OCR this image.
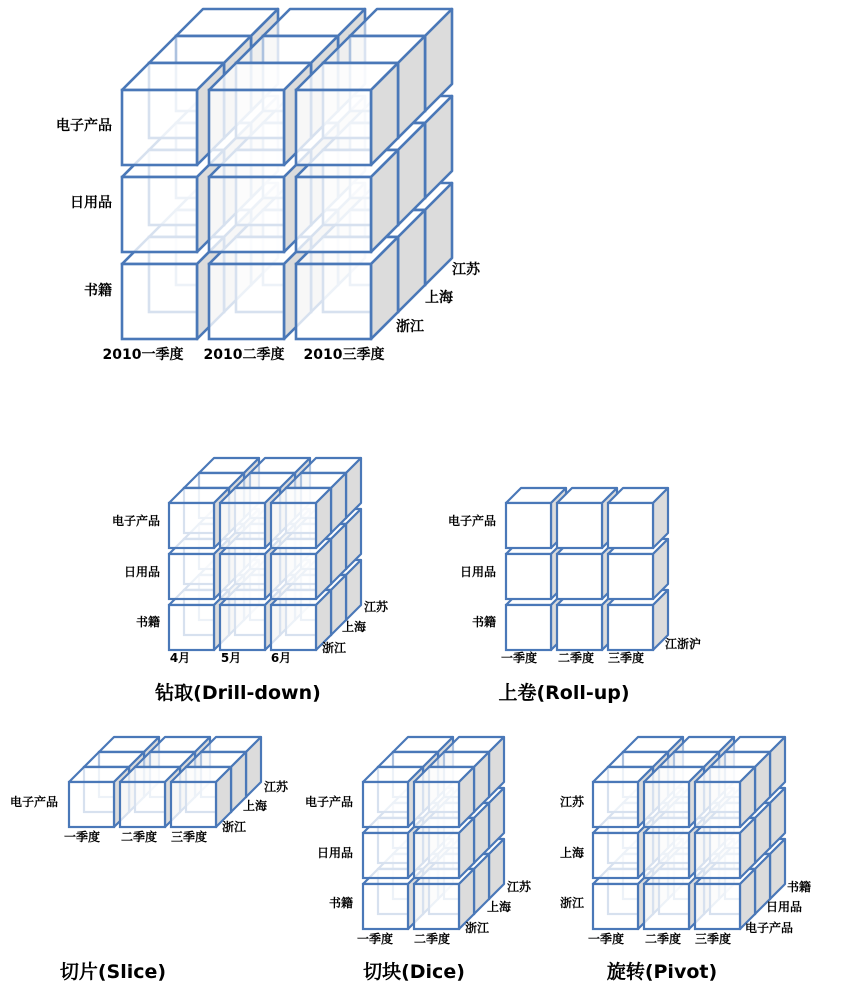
电子产品
日用品
书籍
2010一季度 2010二季度 2010三季度
浙江
上海
江苏
电子产品
日用品
书籍
4月	5月 6月
浙江
上海
江苏
钻取(Drill-down)
电子产品
日用品
书籍
一季度 二季度 三季度
江浙沪
上卷(Roll-up)
电子产品
一季度 二季度 三季度
浙江
上海
江苏
切片(Slice)
电子产品
日用品
书籍
一季度 二季度
浙江
上海
江苏
切块(Dice)
江苏
上海
浙江
一季度 二季度 三季度
电子产品
日用品
书籍
旋转(Pivot)
